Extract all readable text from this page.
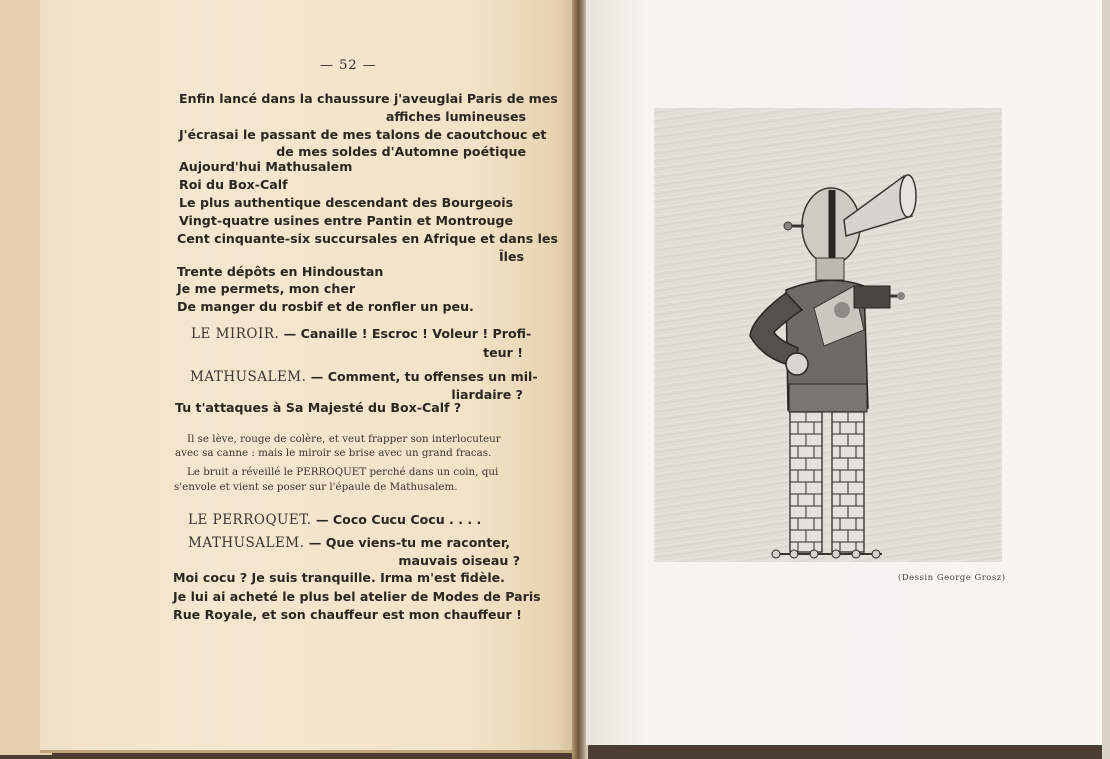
— 52 —
Enfin lancé dans la chaussure j'aveuglai Paris de mes
affiches lumineuses
J'écrasai le passant de mes talons de caoutchouc et
de mes soldes d'Automne poétique
Aujourd'hui Mathusalem
Roi du Box-Calf
Le plus authentique descendant des Bourgeois
Vingt-quatre usines entre Pantin et Montrouge
Cent cinquante-six succursales en Afrique et dans les
Îles
Trente dépôts en Hindoustan
Je me permets, mon cher
De manger du rosbif et de ronfler un peu.
LE MIROIR. — Canaille ! Escroc ! Voleur ! Profi-
teur !
MATHUSALEM. — Comment, tu offenses un mil-
liardaire ?
Tu t'attaques à Sa Majesté du Box-Calf ?
Il se lève, rouge de colère, et veut frapper son interlocuteur
avec sa canne : mais le miroir se brise avec un grand fracas.
Le bruit a réveillé le PERROQUET perché dans un coin, qui
s'envole et vient se poser sur l'épaule de Mathusalem.
LE PERROQUET. — Coco Cucu Cocu . . . .
MATHUSALEM. — Que viens-tu me raconter,
mauvais oiseau ?
Moi cocu ? Je suis tranquille. Irma m'est fidèle.
Je lui ai acheté le plus bel atelier de Modes de Paris
Rue Royale, et son chauffeur est mon chauffeur !
(Dessin George Grosz)
